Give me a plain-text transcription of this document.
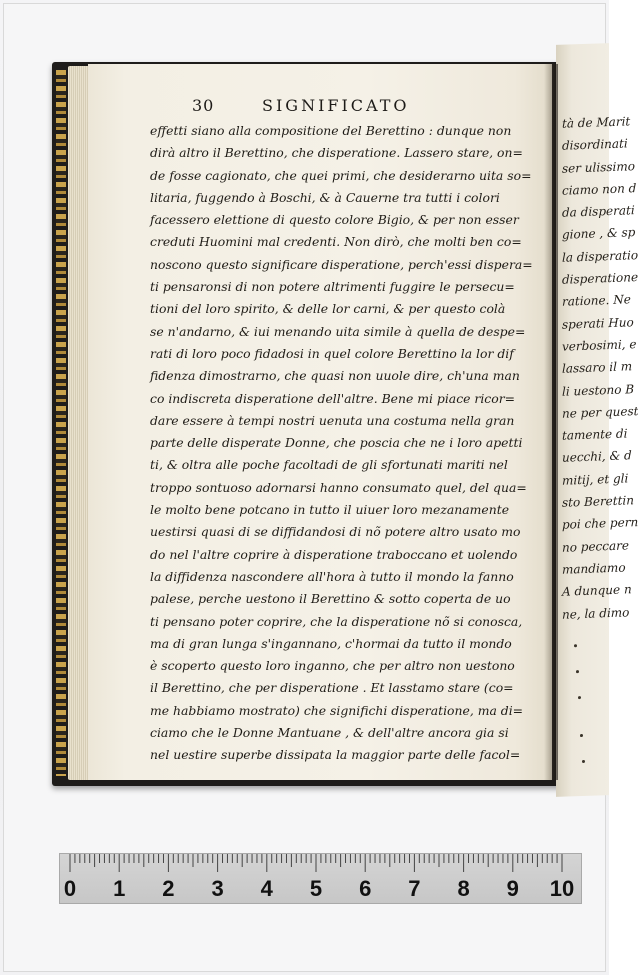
tà de Marit
disordinati
ser ulissimo
ciamo non d
da disperati
gione , & sp
la disperatio
disperatione
ratione. Ne
sperati Huo
verbosimi, e
lassaro il m
li uestono B
ne per quest
tamente di
uecchi, & d
mitij, et gli
sto Berettin
poi che pern
no peccare
mandiamo
A dunque n
ne, la dimo
30	SIGNIFICATO
effetti siano alla compositione del Berettino : dunque non
dirà altro il Berettino, che disperatione. Lassero stare, on=
de fosse cagionato, che quei primi, che desiderarno uita so=
litaria, fuggendo à Boschi, & à Cauerne tra tutti i colori
facessero elettione di questo colore Bigio, & per non esser
creduti Huomini mal credenti. Non dirò, che molti ben co=
noscono questo significare disperatione, perch'essi dispera=
ti pensaronsi di non potere altrimenti fuggire le persecu=
tioni del loro spirito, & delle lor carni, & per questo colà
se n'andarno, & iui menando uita simile à quella de despe=
rati di loro poco fidadosi in quel colore Berettino la lor dif
fidenza dimostrarno, che quasi non uuole dire, ch'una man
co indiscreta disperatione dell'altre. Bene mi piace ricor=
dare essere à tempi nostri uenuta una costuma nella gran
parte delle disperate Donne, che poscia che ne i loro apetti
ti, & oltra alle poche facoltadi de gli sfortunati mariti nel
troppo sontuoso adornarsi hanno consumato quel, del qua=
le molto bene potcano in tutto il uiuer loro mezanamente
uestirsi quasi di se diffidandosi di nõ potere altro usato mo
do nel l'altre coprire à disperatione traboccano et uolendo
la diffidenza nascondere all'hora à tutto il mondo la fanno
palese, perche uestono il Berettino & sotto coperta de uo
ti pensano poter coprire, che la disperatione nõ si conosca,
ma di gran lunga s'ingannano, c'hormai da tutto il mondo
è scoperto questo loro inganno, che per altro non uestono
il Berettino, che per disperatione . Et lasstamo stare (co=
me habbiamo mostrato) che significhi disperatione, ma di=
ciamo che le Donne Mantuane , & dell'altre ancora gia si
nel uestire superbe dissipata la maggior parte delle facol=
0 1 2 3 4 5 6 7 8 9 10
